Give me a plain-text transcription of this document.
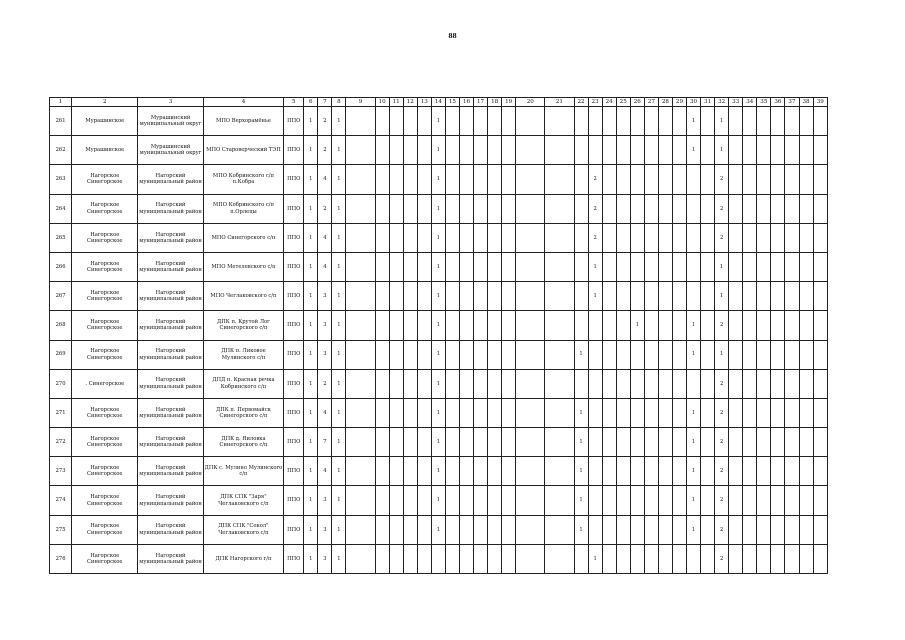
88
1	2	3	4	5	6	7	8	9	10	11	12	13	14	15	16	17	18	19	20	21	22	23	24	25	26	27	28	29	30	31	32	33	34	35	36	37	38	39
261	Мурашинское	Мурашинский муниципальный округ	МПО Верхорамёнье	ППО	1	2	1						1																1		1							
262	Мурашинское	Мурашинский муниципальный округ	МПО Староверческий ТЭП	ППО	1	2	1						1																1		1							
263	Нагорское Синегорское	Нагорский муниципальный район	МПО Кобринского с/п п.Кобра	ППО	1	4	1						1									2									2							
264	Нагорское Синегорское	Нагорский муниципальный район	МПО Кобринского с/п п.Орлецы	ППО	1	2	1						1									2									2							
265	Нагорское Синегорское	Нагорский муниципальный район	МПО Синегорского с/п	ППО	1	4	1						1									2									2							
266	Нагорское Синегорское	Нагорский муниципальный район	МПО Метелевского с/п	ППО	1	4	1						1									1									1							
267	Нагорское Синегорское	Нагорский муниципальный район	МПО Чеглаковского с/п	ППО	1	3	1						1									1									1							
268	Нагорское Синегорское	Нагорский муниципальный район	ДПК п. Крутой Лог Синегорского с/п	ППО	1	3	1						1												1				1		2							
269	Нагорское Синегорское	Нагорский муниципальный район	ДПК п. Ликовое Мулинского с/п	ППО	1	3	1						1								1								1		1							
270	. Синегорское	Нагорский муниципальный район	ДПД п. Красная речка Кобринского с/п	ППО	1	2	1						1																		2							
271	Нагорское Синегорское	Нагорский муниципальный район	ДПК п. Первомайск Синегорского с/п	ППО	1	4	1						1								1								1		2							
272	Нагорское Синегорское	Нагорский муниципальный район	ДПК д. Яиловка Синегорского с/п	ППО	1	7	1						1								1								1		2							
273	Нагорское Синегорское	Нагорский муниципальный район	ДПК с. Мулино Мулинского с/п	ППО	1	4	1						1								1								1		2							
274	Нагорское Синегорское	Нагорский муниципальный район	ДПК СПК "Заря" Чеглаковского с/п	ППО	1	3	1						1								1								1		2							
275	Нагорское Синегорское	Нагорский муниципальный район	ДПК СПК "Сокол" Чеглаковского с/п	ППО	1	3	1						1								1								1		2							
276	Нагорское Синегорское	Нагорский муниципальный район	ДПК Нагорского г/п	ППО	1	3	1															1									2							
